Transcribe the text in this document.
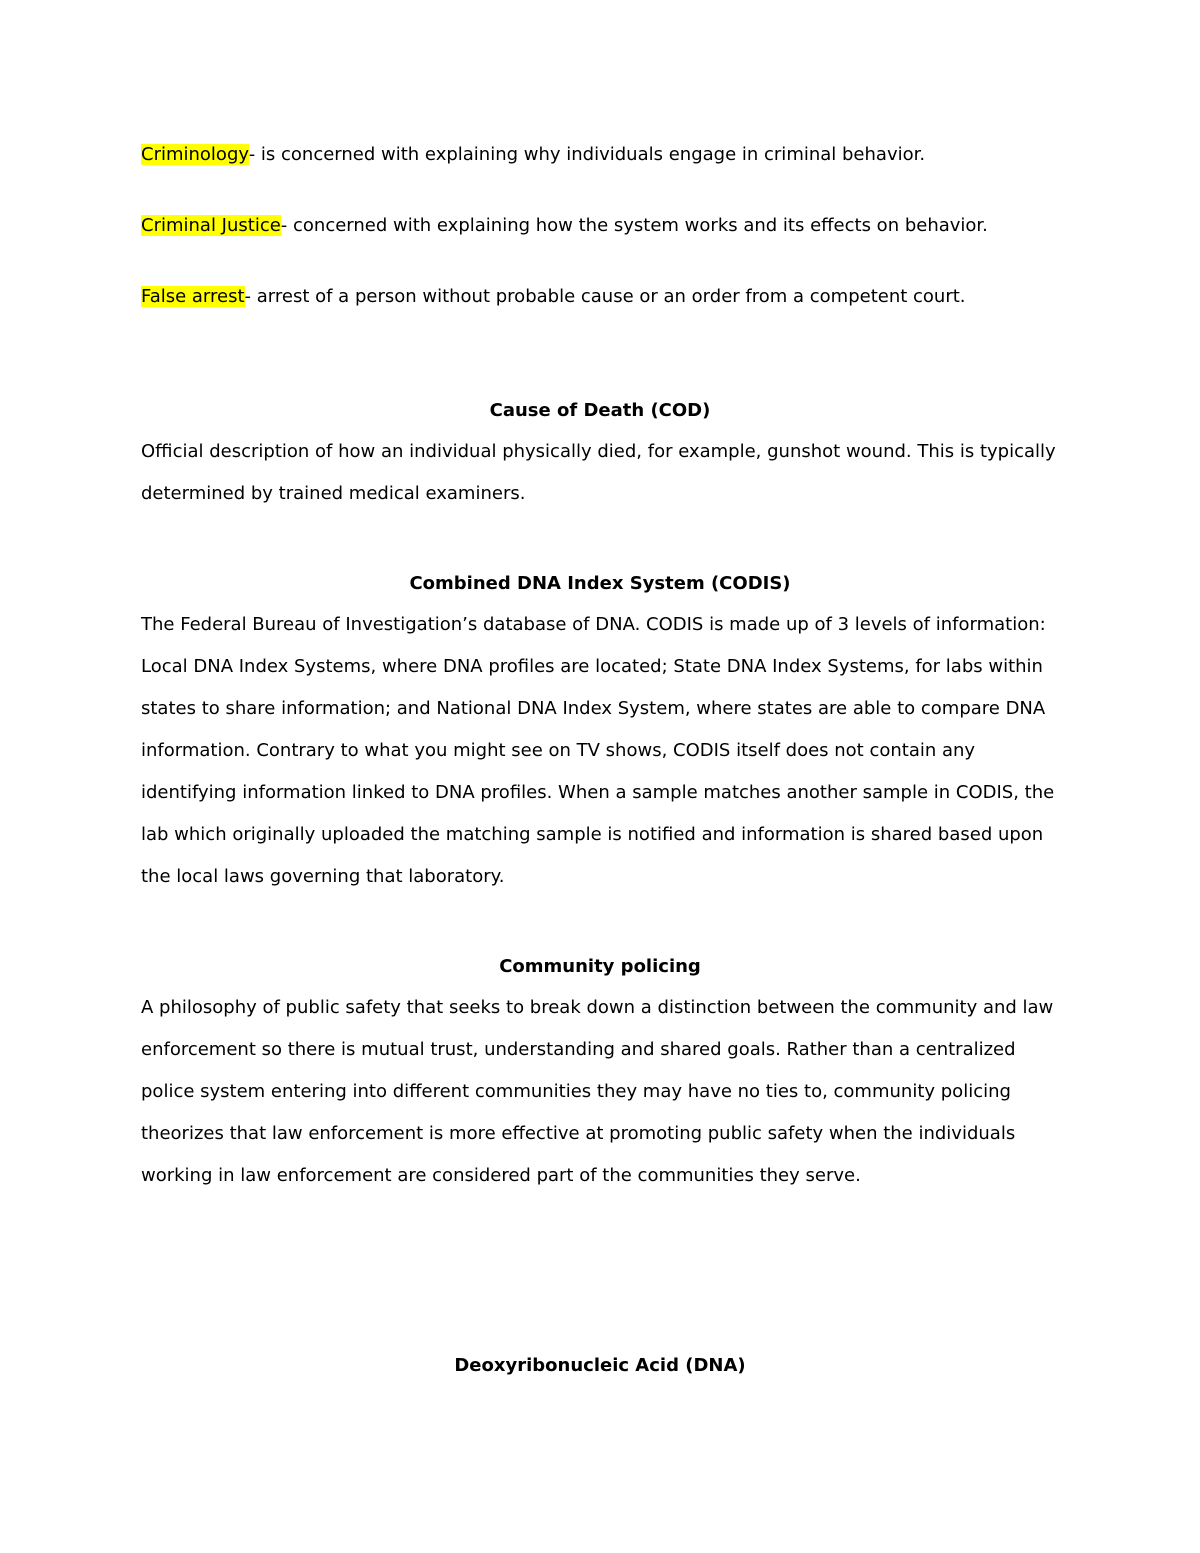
Criminology- is concerned with explaining why individuals engage in criminal behavior.

Criminal Justice- concerned with explaining how the system works and its effects on behavior.

False arrest- arrest of a person without probable cause or an order from a competent court.

Cause of Death (COD)

Official description of how an individual physically died, for example, gunshot wound. This is typically determined by trained medical examiners.

Combined DNA Index System (CODIS)

The Federal Bureau of Investigation’s database of DNA. CODIS is made up of 3 levels of information: Local DNA Index Systems, where DNA profiles are located; State DNA Index Systems, for labs within states to share information; and National DNA Index System, where states are able to compare DNA information. Contrary to what you might see on TV shows, CODIS itself does not contain any identifying information linked to DNA profiles. When a sample matches another sample in CODIS, the lab which originally uploaded the matching sample is notified and information is shared based upon the local laws governing that laboratory.

Community policing

A philosophy of public safety that seeks to break down a distinction between the community and law enforcement so there is mutual trust, understanding and shared goals. Rather than a centralized police system entering into different communities they may have no ties to, community policing theorizes that law enforcement is more effective at promoting public safety when the individuals working in law enforcement are considered part of the communities they serve.

Deoxyribonucleic Acid (DNA)
